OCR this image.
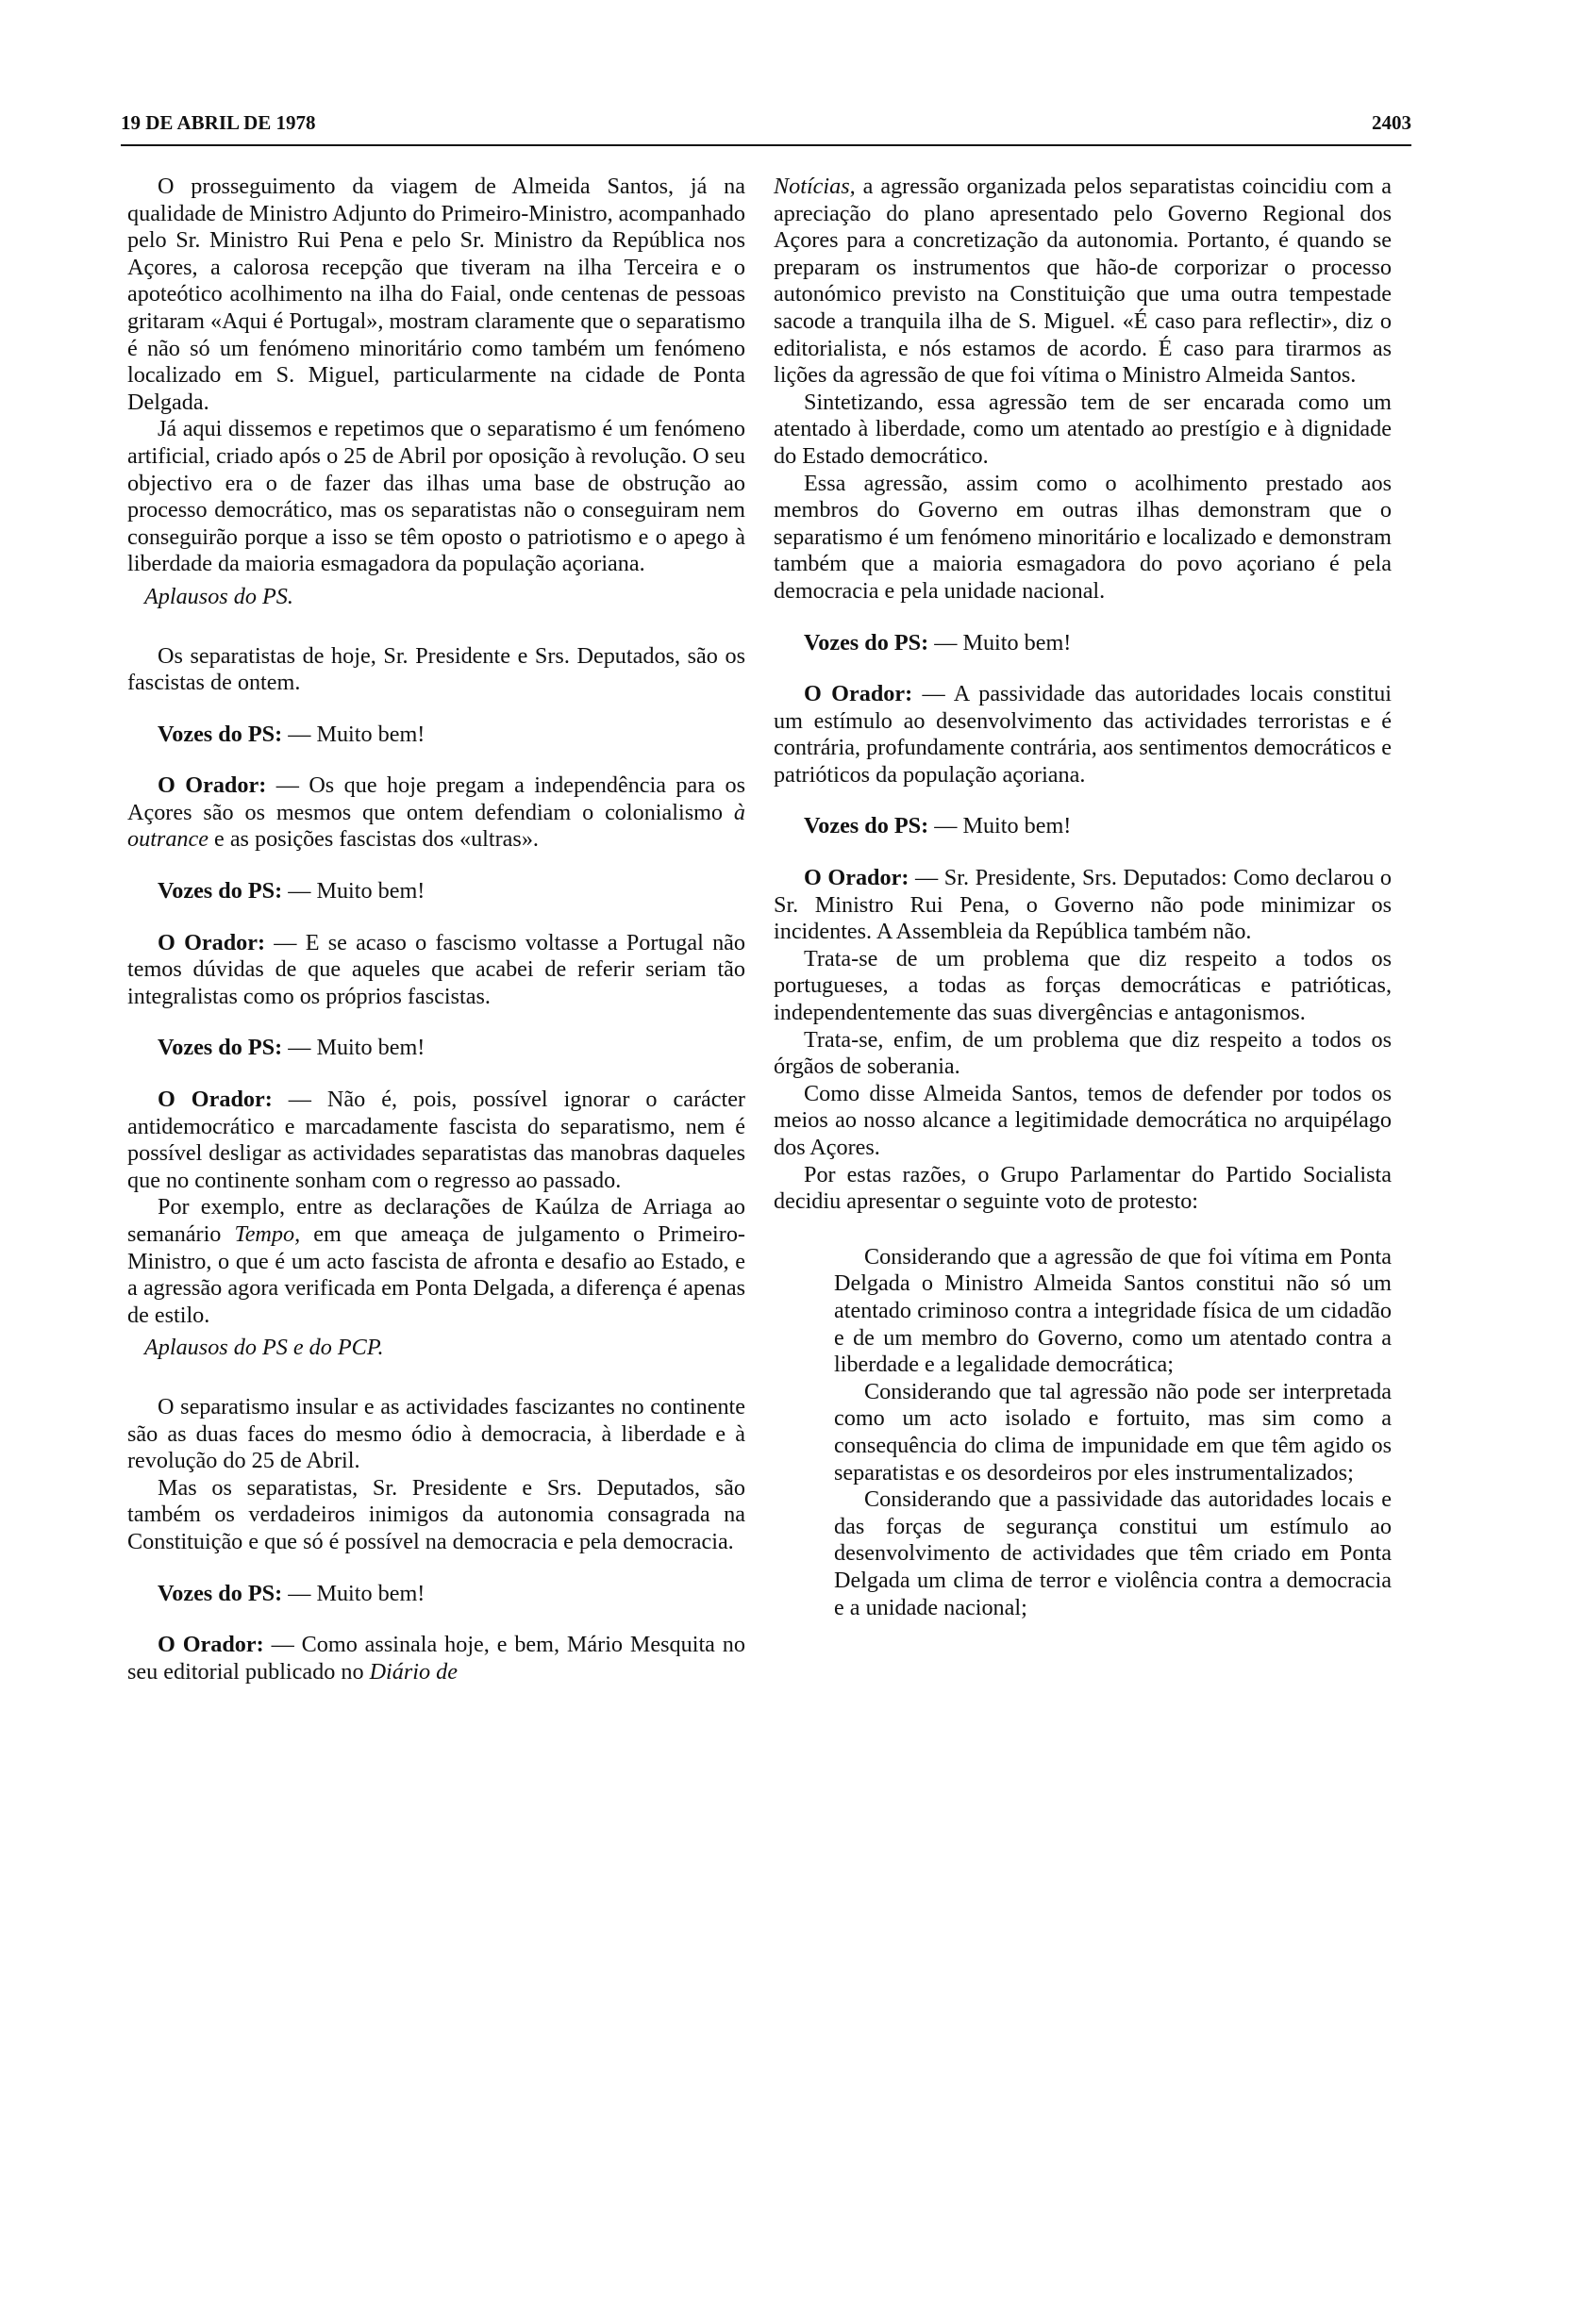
19 DE ABRIL DE 1978	2403

O prosseguimento da viagem de Almeida Santos, já na qualidade de Ministro Adjunto do Primeiro-Ministro, acompanhado pelo Sr. Ministro Rui Pena e pelo Sr. Ministro da República nos Açores, a calorosa recepção que tiveram na ilha Terceira e o apoteótico acolhimento na ilha do Faial, onde centenas de pessoas gritaram «Aqui é Portugal», mostram claramente que o separatismo é não só um fenómeno minoritário como também um fenómeno localizado em S. Miguel, particularmente na cidade de Ponta Delgada.

Já aqui dissemos e repetimos que o separatismo é um fenómeno artificial, criado após o 25 de Abril por oposição à revolução. O seu objectivo era o de fazer das ilhas uma base de obstrução ao processo democrático, mas os separatistas não o conseguiram nem conseguirão porque a isso se têm oposto o patriotismo e o apego à liberdade da maioria esmagadora da população açoriana.

Aplausos do PS.

Os separatistas de hoje, Sr. Presidente e Srs. Deputados, são os fascistas de ontem.

Vozes do PS: — Muito bem!

O Orador: — Os que hoje pregam a independência para os Açores são os mesmos que ontem defendiam o colonialismo à outrance e as posições fascistas dos «ultras».

Vozes do PS: — Muito bem!

O Orador: — E se acaso o fascismo voltasse a Portugal não temos dúvidas de que aqueles que acabei de referir seriam tão integralistas como os próprios fascistas.

Vozes do PS: — Muito bem!

O Orador: — Não é, pois, possível ignorar o carácter antidemocrático e marcadamente fascista do separatismo, nem é possível desligar as actividades separatistas das manobras daqueles que no continente sonham com o regresso ao passado.

Por exemplo, entre as declarações de Kaúlza de Arriaga ao semanário Tempo, em que ameaça de julgamento o Primeiro-Ministro, o que é um acto fascista de afronta e desafio ao Estado, e a agressão agora verificada em Ponta Delgada, a diferença é apenas de estilo.

Aplausos do PS e do PCP.

O separatismo insular e as actividades fascizantes no continente são as duas faces do mesmo ódio à democracia, à liberdade e à revolução do 25 de Abril.

Mas os separatistas, Sr. Presidente e Srs. Deputados, são também os verdadeiros inimigos da autonomia consagrada na Constituição e que só é possível na democracia e pela democracia.

Vozes do PS: — Muito bem!

O Orador: — Como assinala hoje, e bem, Mário Mesquita no seu editorial publicado no Diário de

Notícias, a agressão organizada pelos separatistas coincidiu com a apreciação do plano apresentado pelo Governo Regional dos Açores para a concretização da autonomia. Portanto, é quando se preparam os instrumentos que hão-de corporizar o processo autonómico previsto na Constituição que uma outra tempestade sacode a tranquila ilha de S. Miguel. «É caso para reflectir», diz o editorialista, e nós estamos de acordo. É caso para tirarmos as lições da agressão de que foi vítima o Ministro Almeida Santos.

Sintetizando, essa agressão tem de ser encarada como um atentado à liberdade, como um atentado ao prestígio e à dignidade do Estado democrático.

Essa agressão, assim como o acolhimento prestado aos membros do Governo em outras ilhas demonstram que o separatismo é um fenómeno minoritário e localizado e demonstram também que a maioria esmagadora do povo açoriano é pela democracia e pela unidade nacional.

Vozes do PS: — Muito bem!

O Orador: — A passividade das autoridades locais constitui um estímulo ao desenvolvimento das actividades terroristas e é contrária, profundamente contrária, aos sentimentos democráticos e patrióticos da população açoriana.

Vozes do PS: — Muito bem!

O Orador: — Sr. Presidente, Srs. Deputados: Como declarou o Sr. Ministro Rui Pena, o Governo não pode minimizar os incidentes. A Assembleia da República também não.

Trata-se de um problema que diz respeito a todos os portugueses, a todas as forças democráticas e patrióticas, independentemente das suas divergências e antagonismos.

Trata-se, enfim, de um problema que diz respeito a todos os órgãos de soberania.

Como disse Almeida Santos, temos de defender por todos os meios ao nosso alcance a legitimidade democrática no arquipélago dos Açores.

Por estas razões, o Grupo Parlamentar do Partido Socialista decidiu apresentar o seguinte voto de protesto:

Considerando que a agressão de que foi vítima em Ponta Delgada o Ministro Almeida Santos constitui não só um atentado criminoso contra a integridade física de um cidadão e de um membro do Governo, como um atentado contra a liberdade e a legalidade democrática;

Considerando que tal agressão não pode ser interpretada como um acto isolado e fortuito, mas sim como a consequência do clima de impunidade em que têm agido os separatistas e os desordeiros por eles instrumentalizados;

Considerando que a passividade das autoridades locais e das forças de segurança constitui um estímulo ao desenvolvimento de actividades que têm criado em Ponta Delgada um clima de terror e violência contra a democracia e a unidade nacional;
